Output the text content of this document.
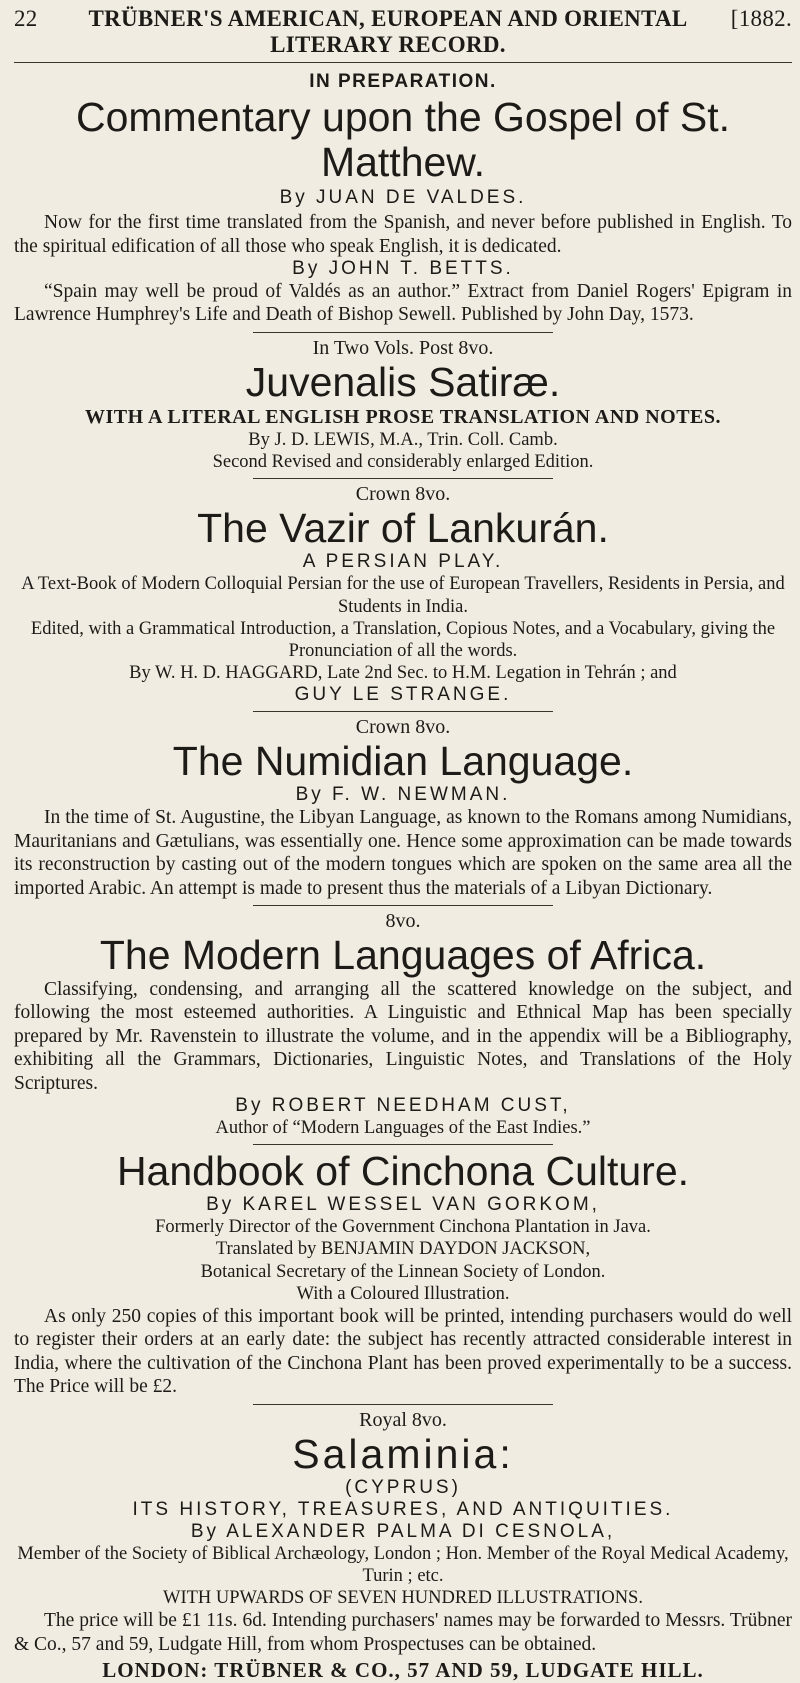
22	TRÜBNER'S AMERICAN, EUROPEAN AND ORIENTAL LITERARY RECORD.
[1882.
IN PREPARATION.
Commentary upon the Gospel of St. Matthew.
By JUAN DE VALDES.

Now for the first time translated from the Spanish, and never before published in English. To the spiritual edification of all those who speak English, it is dedicated.

By JOHN T. BETTS.

“Spain may well be proud of Valdés as an author.” Extract from Daniel Rogers' Epigram in Lawrence Humphrey's Life and Death of Bishop Sewell. Published by John Day, 1573.

In Two Vols. Post 8vo.
Juvenalis Satiræ.
WITH A LITERAL ENGLISH PROSE TRANSLATION AND NOTES.
By J. D. LEWIS, M.A., Trin. Coll. Camb.
Second Revised and considerably enlarged Edition.
Crown 8vo.
The Vazir of Lankurán.
A PERSIAN PLAY.
A Text-Book of Modern Colloquial Persian for the use of European Travellers, Residents in Persia, and Students in India.
Edited, with a Grammatical Introduction, a Translation, Copious Notes, and a Vocabulary, giving the Pronunciation of all the words.
By W. H. D. HAGGARD, Late 2nd Sec. to H.M. Legation in Tehrán ; and
GUY LE STRANGE.
Crown 8vo.
The Numidian Language.
By F. W. NEWMAN.

In the time of St. Augustine, the Libyan Language, as known to the Romans among Numidians, Mauritanians and Gætulians, was essentially one. Hence some approximation can be made towards its reconstruction by casting out of the modern tongues which are spoken on the same area all the imported Arabic. An attempt is made to present thus the materials of a Libyan Dictionary.

8vo.
The Modern Languages of Africa.

Classifying, condensing, and arranging all the scattered knowledge on the subject, and following the most esteemed authorities. A Linguistic and Ethnical Map has been specially prepared by Mr. Ravenstein to illustrate the volume, and in the appendix will be a Bibliography, exhibiting all the Grammars, Dictionaries, Linguistic Notes, and Translations of the Holy Scriptures.

By ROBERT NEEDHAM CUST,
Author of “Modern Languages of the East Indies.”
Handbook of Cinchona Culture.
By KAREL WESSEL VAN GORKOM,
Formerly Director of the Government Cinchona Plantation in Java.
Translated by BENJAMIN DAYDON JACKSON,
Botanical Secretary of the Linnean Society of London.
With a Coloured Illustration.

As only 250 copies of this important book will be printed, intending purchasers would do well to register their orders at an early date: the subject has recently attracted considerable interest in India, where the cultivation of the Cinchona Plant has been proved experimentally to be a success. The Price will be £2.

Royal 8vo.
Salaminia:
(CYPRUS)
ITS HISTORY, TREASURES, AND ANTIQUITIES.
By ALEXANDER PALMA DI CESNOLA,
Member of the Society of Biblical Archæology, London ; Hon. Member of the Royal Medical Academy, Turin ; etc.
WITH UPWARDS OF SEVEN HUNDRED ILLUSTRATIONS.

The price will be £1 11s. 6d. Intending purchasers' names may be forwarded to Messrs. Trübner & Co., 57 and 59, Ludgate Hill, from whom Prospectuses can be obtained.

LONDON: TRÜBNER & CO., 57 AND 59, LUDGATE HILL.
